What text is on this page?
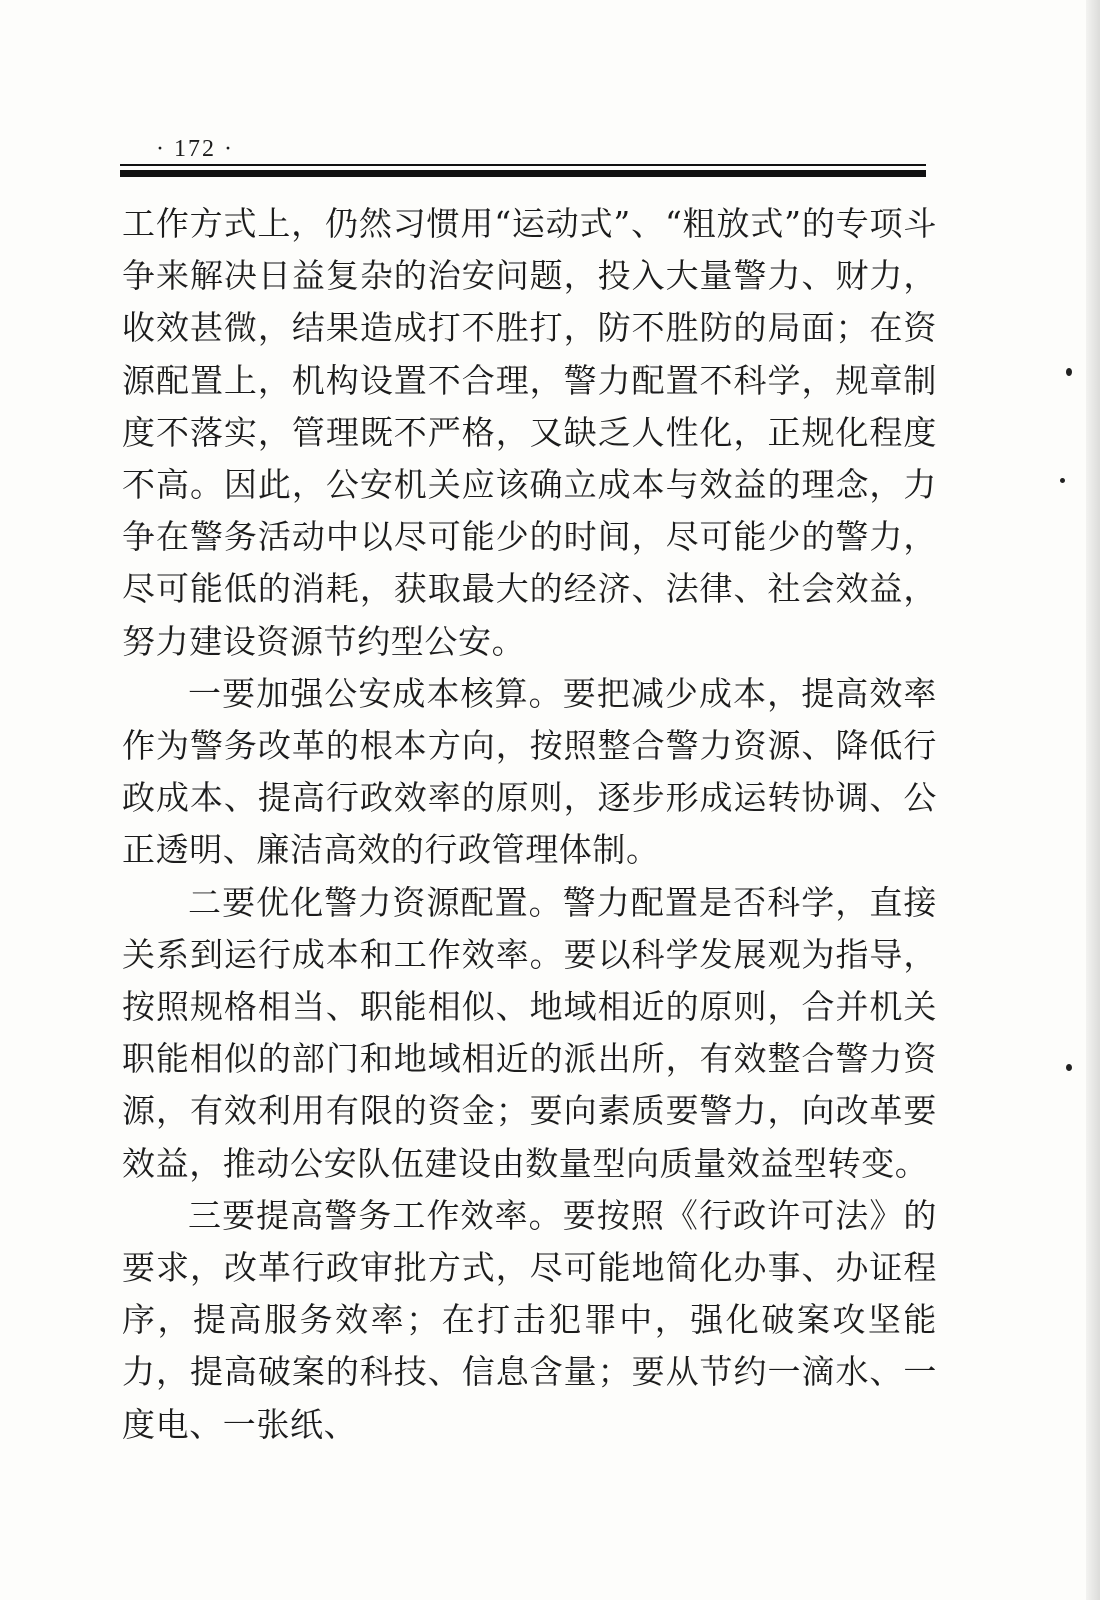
· 172 ·

工作方式上，仍然习惯用“运动式”、“粗放式”的专项斗争来解决日益复杂的治安问题，投入大量警力、财力，收效甚微，结果造成打不胜打，防不胜防的局面；在资源配置上，机构设置不合理，警力配置不科学，规章制度不落实，管理既不严格，又缺乏人性化，正规化程度不高。因此，公安机关应该确立成本与效益的理念，力争在警务活动中以尽可能少的时间，尽可能少的警力，尽可能低的消耗，获取最大的经济、法律、社会效益，努力建设资源节约型公安。

一要加强公安成本核算。要把减少成本，提高效率作为警务改革的根本方向，按照整合警力资源、降低行政成本、提高行政效率的原则，逐步形成运转协调、公正透明、廉洁高效的行政管理体制。

二要优化警力资源配置。警力配置是否科学，直接关系到运行成本和工作效率。要以科学发展观为指导，按照规格相当、职能相似、地域相近的原则，合并机关职能相似的部门和地域相近的派出所，有效整合警力资源，有效利用有限的资金；要向素质要警力，向改革要效益，推动公安队伍建设由数量型向质量效益型转变。

三要提高警务工作效率。要按照《行政许可法》的要求，改革行政审批方式，尽可能地简化办事、办证程序，提高服务效率；在打击犯罪中，强化破案攻坚能力，提高破案的科技、信息含量；要从节约一滴水、一度电、一张纸、
